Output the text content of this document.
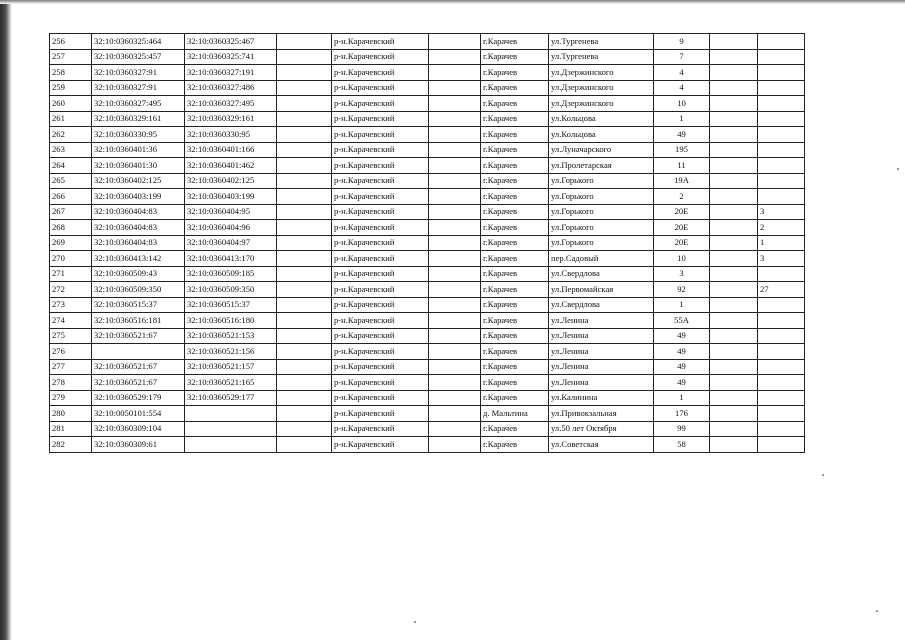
256	32:10:0360325:464	32:10:0360325:467		р-н.Карачевский		г.Карачев	ул.Тургенева	9		
257	32:10:0360325:457	32:10:0360325:741		р-н.Карачевский		г.Карачев	ул.Тургенева	7		
258	32:10:0360327:91	32:10:0360327:191		р-н.Карачевский		г.Карачев	ул.Дзержинского	4		
259	32:10:0360327:91	32:10:0360327:486		р-н.Карачевский		г.Карачев	ул.Дзержинского	4		
260	32:10:0360327:495	32:10:0360327:495		р-н.Карачевский		г.Карачев	ул.Дзержинского	10		
261	32:10:0360329:161	32:10:0360329:161		р-н.Карачевский		г.Карачев	ул.Кольцова	1		
262	32:10:0360330:95	32:10:0360330:95		р-н.Карачевский		г.Карачев	ул.Кольцова	49		
263	32:10:0360401:36	32:10:0360401:166		р-н.Карачевский		г.Карачев	ул.Луначарского	195		
264	32:10:0360401:30	32:10:0360401:462		р-н.Карачевский		г.Карачев	ул.Пролетарская	11		
265	32:10:0360402:125	32:10:0360402:125		р-н.Карачевский		г.Карачев	ул.Горького	19А		
266	32:10:0360403:199	32:10:0360403:199		р-н.Карачевский		г.Карачев	ул.Горького	2		
267	32:10:0360404:83	32:10:0360404:95		р-н.Карачевский		г.Карачев	ул.Горького	20Е		3
268	32:10:0360404:83	32:10:0360404:96		р-н.Карачевский		г.Карачев	ул.Горького	20Е		2
269	32:10:0360404:83	32:10:0360404:97		р-н.Карачевский		г.Карачев	ул.Горького	20Е		1
270	32:10:0360413:142	32:10:0360413:170		р-н.Карачевский		г.Карачев	пер.Садовый	10		3
271	32:10:0360509:43	32:10:0360509:185		р-н.Карачевский		г.Карачев	ул.Свердлова	3		
272	32:10:0360509:350	32:10:0360509:350		р-н.Карачевский		г.Карачев	ул.Первомайская	92		27
273	32:10:0360515:37	32:10:0360515:37		р-н.Карачевский		г.Карачев	ул.Свердлова	1		
274	32:10:0360516:181	32:10:0360516:180		р-н.Карачевский		г.Карачев	ул.Ленина	55А		
275	32:10:0360521:67	32:10:0360521:153		р-н.Карачевский		г.Карачев	ул.Ленина	49		
276		32:10:0360521:156		р-н.Карачевский		г.Карачев	ул.Ленина	49		
277	32:10:0360521:67	32:10:0360521:157		р-н.Карачевский		г.Карачев	ул.Ленина	49		
278	32:10:0360521:67	32:10:0360521:165		р-н.Карачевский		г.Карачев	ул.Ленина	49		
279	32:10:0360529:179	32:10:0360529:177		р-н.Карачевский		г.Карачев	ул.Калинина	1		
280	32:10:0050101:554			р-н.Карачевский		д. Мальтина	ул.Привокзальная	176		
281	32:10:0360309:104			р-н.Карачевский		г.Карачев	ул.50 лет Октября	99		
282	32:10:0360309:61			р-н.Карачевский		г.Карачев	ул.Советская	58		
